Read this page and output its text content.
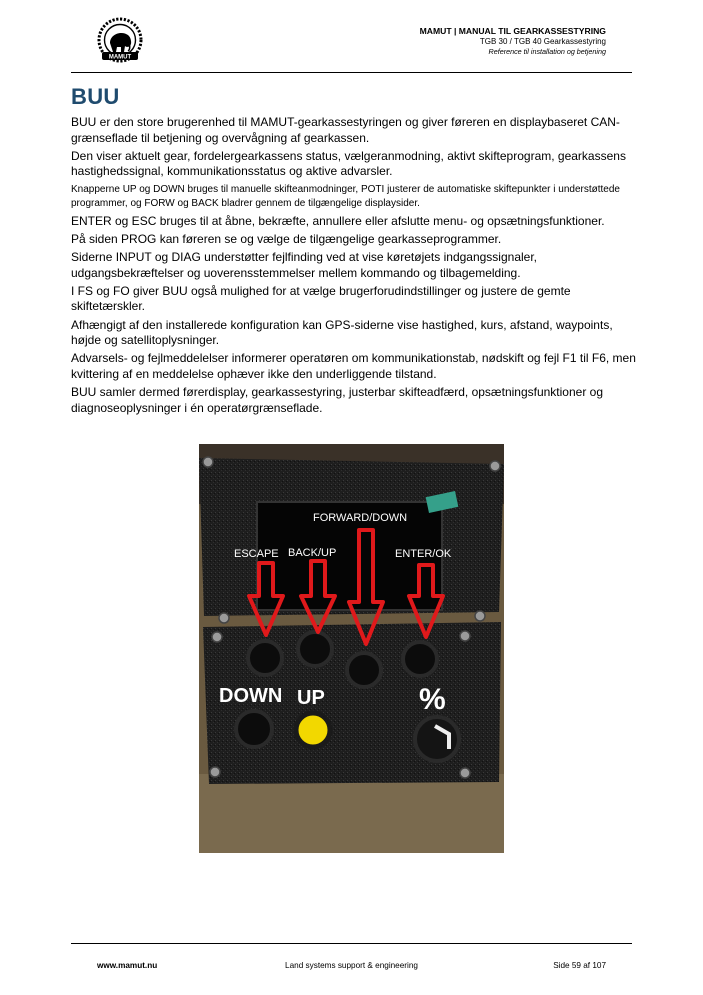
MAMUT
MAMUT | MANUAL TIL GEARKASSESTYRING
TGB 30 / TGB 40 Gearkassestyring
Reference til installation og betjening
BUU

BUU er den store brugerenhed til MAMUT-gearkassestyringen og giver føreren en displaybaseret CAN-grænseflade til betjening og overvågning af gearkassen.

Den viser aktuelt gear, fordelergearkassens status, vælgeranmodning, aktivt skifteprogram, gearkassens hastighedssignal, kommunikationsstatus og aktive advarsler.

Knapperne UP og DOWN bruges til manuelle skifteanmodninger, POTI justerer de automatiske skiftepunkter i understøttede programmer, og FORW og BACK bladrer gennem de tilgængelige displaysider.

ENTER og ESC bruges til at åbne, bekræfte, annullere eller afslutte menu- og opsætningsfunktioner.

På siden PROG kan føreren se og vælge de tilgængelige gearkasseprogrammer.

Siderne INPUT og DIAG understøtter fejlfinding ved at vise køretøjets indgangssignaler, udgangsbekræftelser og uoverensstemmelser mellem kommando og tilbagemelding.

I FS og FO giver BUU også mulighed for at vælge brugerforudindstillinger og justere de gemte skiftetærskler.

Afhængigt af den installerede konfiguration kan GPS-siderne vise hastighed, kurs, afstand, waypoints, højde og satellitoplysninger.

Advarsels- og fejlmeddelelser informerer operatøren om kommunikationstab, nødskift og fejl F1 til F6, men kvittering af en meddelelse ophæver ikke den underliggende tilstand.

BUU samler dermed førerdisplay, gearkassestyring, justerbar skifteadfærd, opsætningsfunktioner og diagnoseoplysninger i én operatørgrænseflade.

DOWN UP	%
FORWARD/DOWN
ESCAPE BACK/UP	ENTER/OK
www.mamut.nu	Land systems support & engineering	Side 59 af 107
